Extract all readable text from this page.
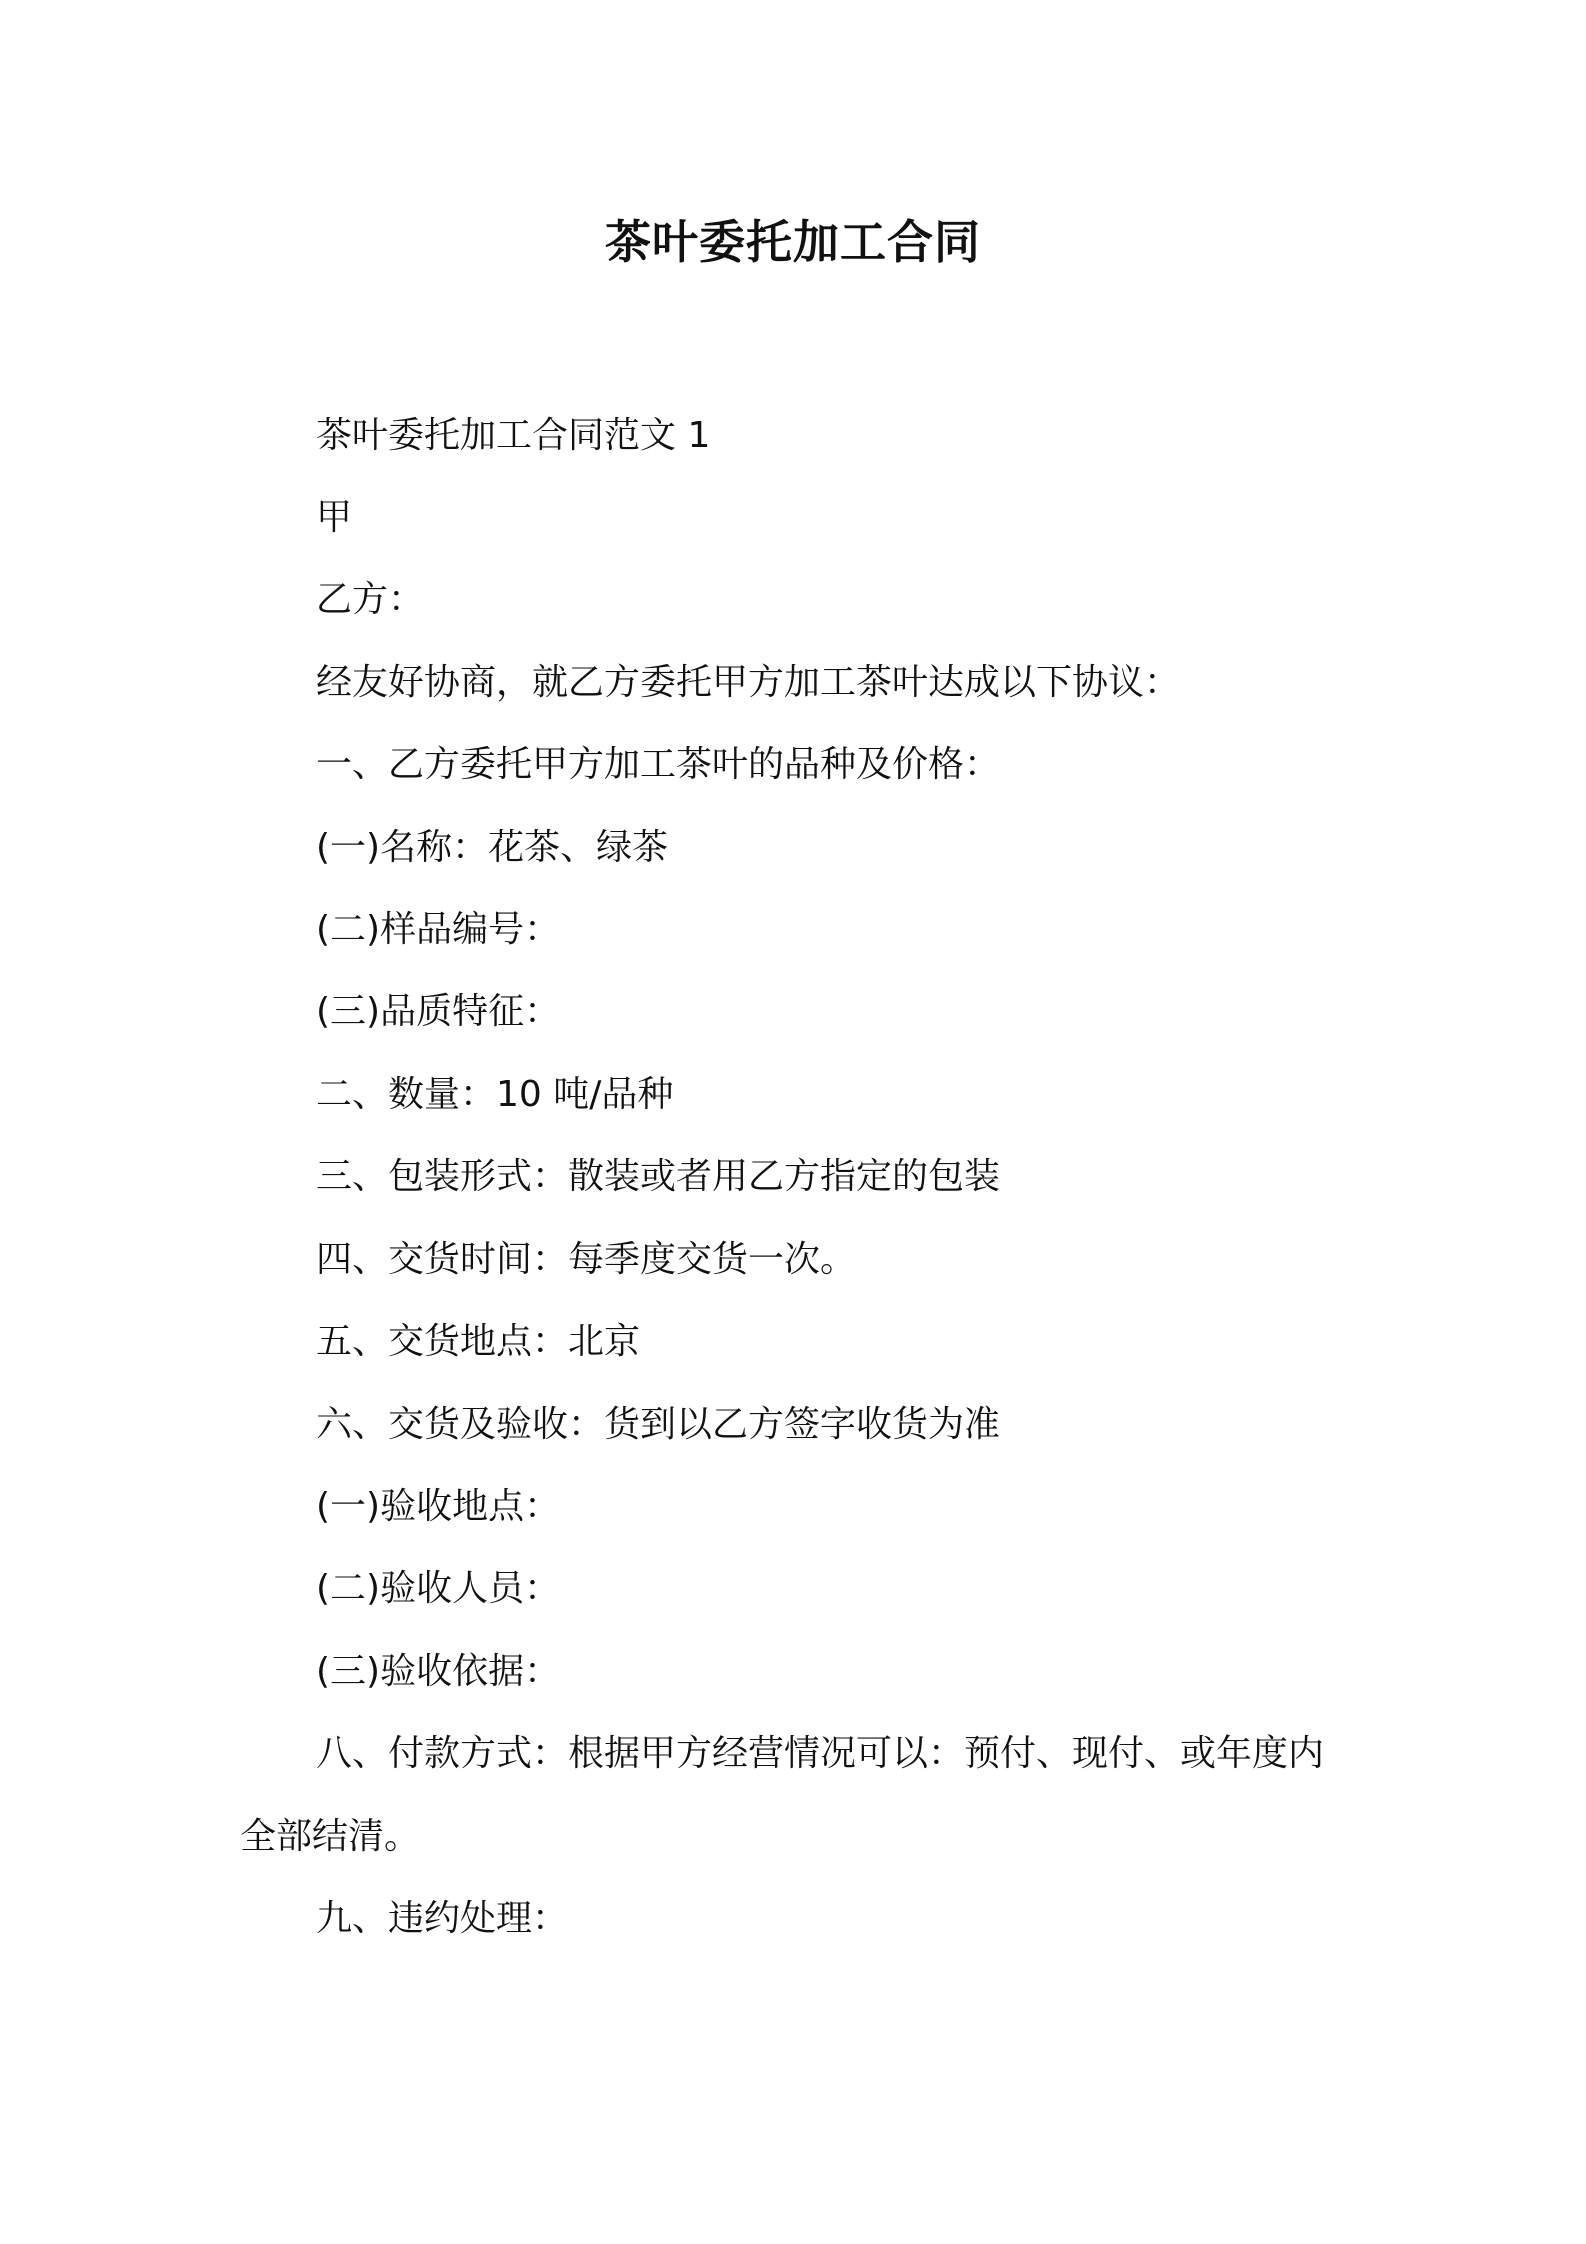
茶叶委托加工合同
茶叶委托加工合同范文 1
甲
乙方：
经友好协商，就乙方委托甲方加工茶叶达成以下协议：
一、乙方委托甲方加工茶叶的品种及价格：
(一)名称：花茶、绿茶
(二)样品编号：
(三)品质特征：
二、数量：10 吨/品种
三、包装形式：散装或者用乙方指定的包装
四、交货时间：每季度交货一次。
五、交货地点：北京
六、交货及验收：货到以乙方签字收货为准
(一)验收地点：
(二)验收人员：
(三)验收依据：
八、付款方式：根据甲方经营情况可以：预付、现付、或年度内
全部结清。
九、违约处理：
